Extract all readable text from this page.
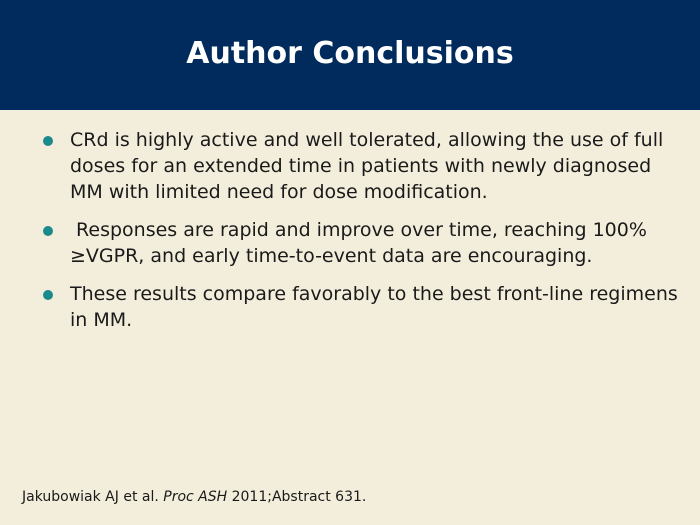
Author Conclusions
CRd is highly active and well tolerated, allowing the use of full doses for an extended time in patients with newly diagnosed MM with limited need for dose modification.
Responses are rapid and improve over time, reaching 100% ≥VGPR, and early time-to-event data are encouraging.
These results compare favorably to the best front-line regimens in MM.
Jakubowiak AJ et al. Proc ASH 2011;Abstract 631.
